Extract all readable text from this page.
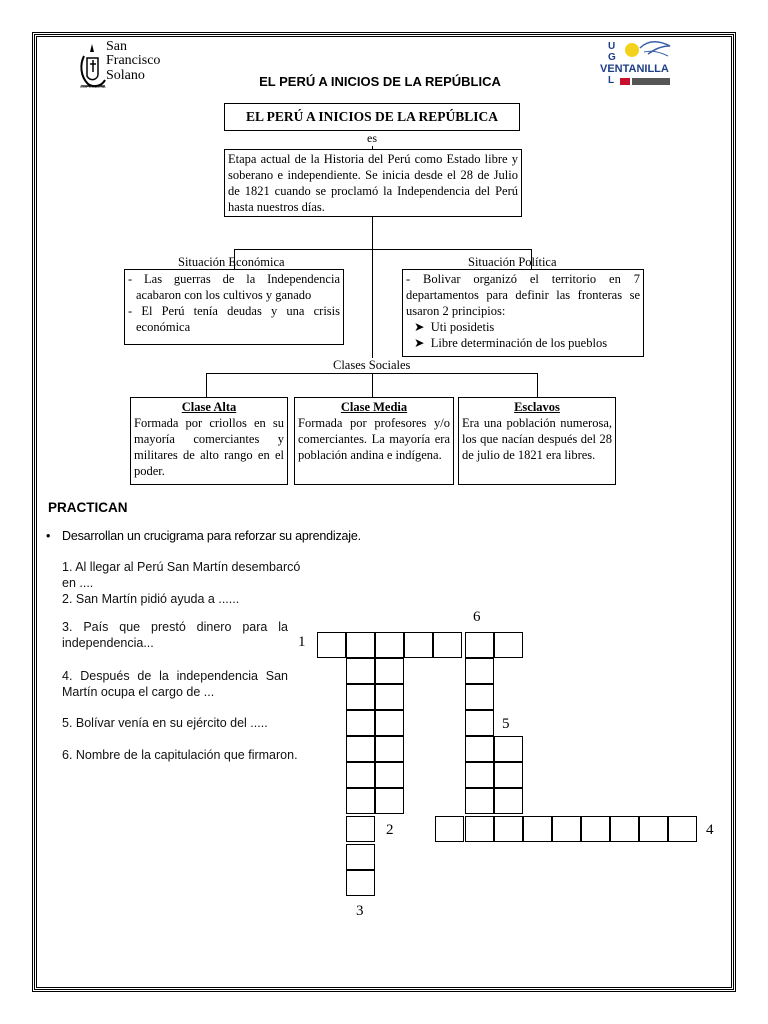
San
Francisco
Solano
COPRODESA	EL PERÚ A INICIOS DE LA REPÚBLICA
U
G
VENTANILLA
L
EL PERÚ A INICIOS DE LA REPÚBLICA
es
Etapa actual de la Historia del Perú como Estado libre y soberano e independiente. Se inicia desde el 28 de Julio de 1821 cuando se proclamó la Independencia del Perú hasta nuestros días.
Situación Económica
- Las guerras de la Independencia acabaron con los cultivos y ganado
- El Perú tenía deudas y una crisis económica
Situación Política
- Bolivar organizó el territorio en 7 departamentos para definir las fronteras se usaron 2 principios:
➤ Uti posidetis
➤ Libre determinación de los pueblos
Clases Sociales
Clase Alta
Formada por criollos en su mayoría comerciantes y militares de alto rango en el poder.
Clase Media
Formada por profesores y/o comerciantes. La mayoría era población andina e indígena.
Esclavos
Era una población numerosa, los que nacían después del 28 de julio de 1821 era libres.
PRACTICAN
• Desarrollan un crucigrama para reforzar su aprendizaje.
1. Al llegar al Perú San Martín desembarcó en ....
2. San Martín pidió ayuda a ......
3. País que prestó dinero para la independencia...
4. Después de la independencia San Martín ocupa el cargo de ...
5. Bolívar venía en su ejército del .....
6. Nombre de la capitulación que firmaron.
1
2
3
4
5
6
